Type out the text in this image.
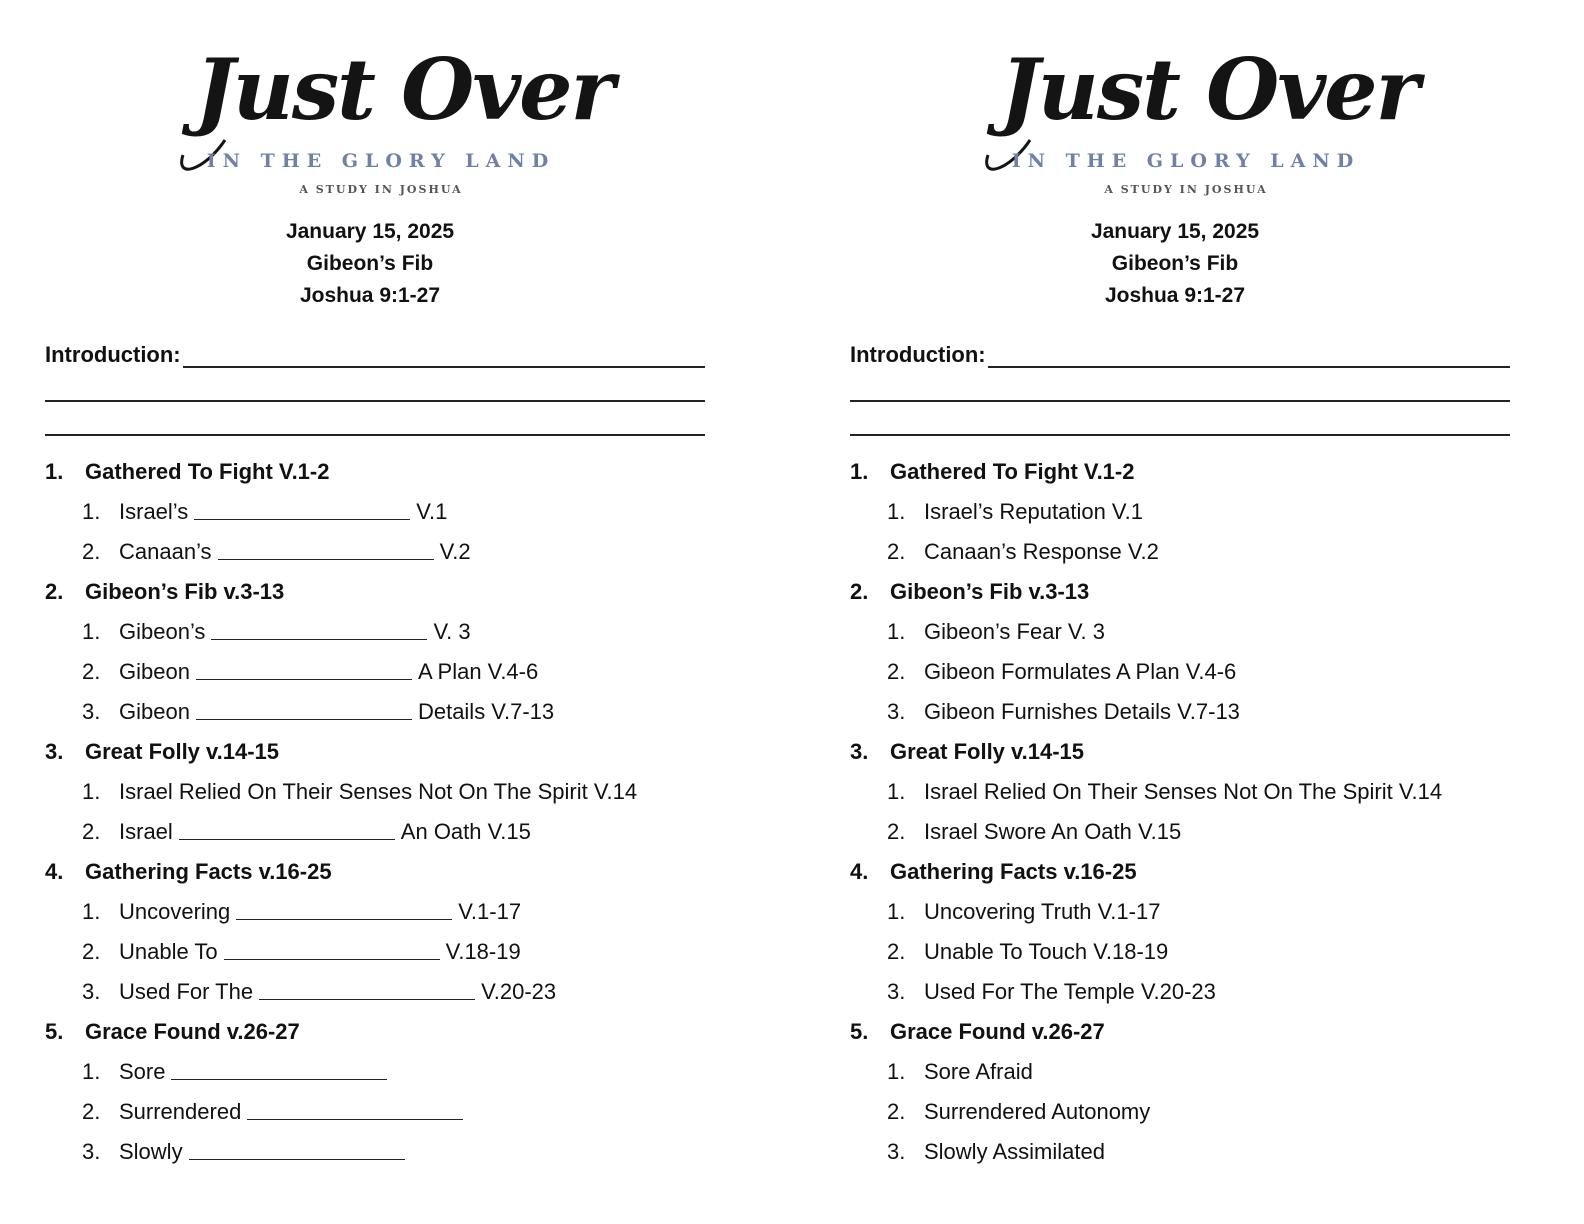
Just Over
IN THE GLORY LAND
A STUDY IN JOSHUA
January 15, 2025
Gibeon’s Fib
Joshua 9:1-27
Introduction:
1. Gathered To Fight V.1-2
1. Israel’s	V.1
2. Canaan’s	V.2
2. Gibeon’s Fib v.3-13
1. Gibeon’s	V. 3
2. Gibeon	A Plan V.4-6
3. Gibeon	Details V.7-13
3. Great Folly v.14-15
1. Israel Relied On Their Senses Not On The Spirit V.14
2. Israel	An Oath V.15
4. Gathering Facts v.16-25
1. Uncovering	V.1-17
2. Unable To	V.18-19
3. Used For The	V.20-23
5. Grace Found v.26-27
1. Sore
2. Surrendered
3. Slowly
Just Over
IN THE GLORY LAND
A STUDY IN JOSHUA
January 15, 2025
Gibeon’s Fib
Joshua 9:1-27
Introduction:
1. Gathered To Fight V.1-2
1. Israel’s Reputation V.1
2. Canaan’s Response V.2
2. Gibeon’s Fib v.3-13
1. Gibeon’s Fear V. 3
2. Gibeon Formulates A Plan V.4-6
3. Gibeon Furnishes Details V.7-13
3. Great Folly v.14-15
1. Israel Relied On Their Senses Not On The Spirit V.14
2. Israel Swore An Oath V.15
4. Gathering Facts v.16-25
1. Uncovering Truth V.1-17
2. Unable To Touch V.18-19
3. Used For The Temple V.20-23
5. Grace Found v.26-27
1. Sore Afraid
2. Surrendered Autonomy
3. Slowly Assimilated
